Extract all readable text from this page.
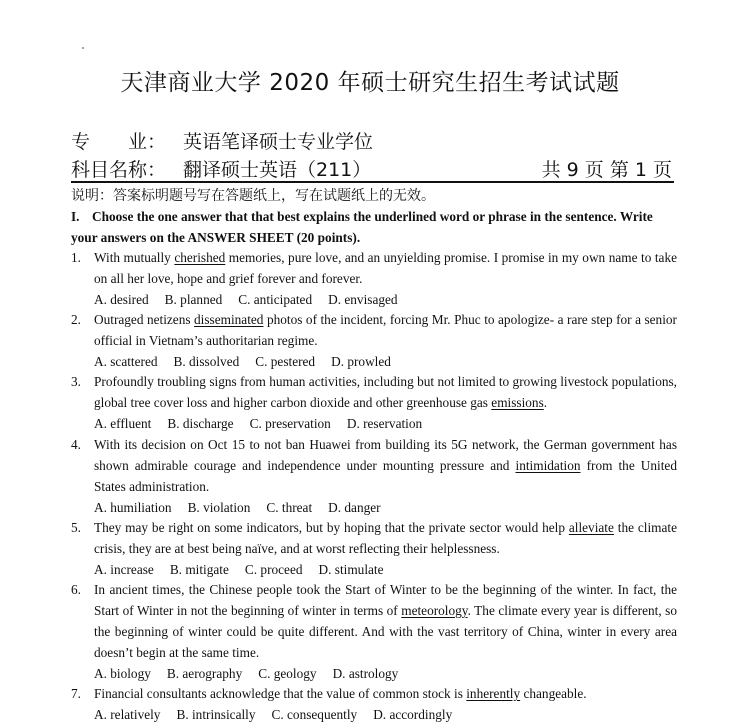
天津商业大学 2020 年硕士研究生招生考试试题
专　　业： 英语笔译硕士专业学位
科目名称： 翻译硕士英语（211）	共 9 页 第 1 页
说明：答案标明题号写在答题纸上，写在试题纸上的无效。
I. Choose the one answer that that best explains the underlined word or phrase in the sentence. Write your answers on the ANSWER SHEET (20 points).
1. With mutually cherished memories, pure love, and an unyielding promise. I promise in my own name to take on all her love, hope and grief forever and forever.
A. desired B. planned C. anticipated D. envisaged
2. Outraged netizens disseminated photos of the incident, forcing Mr. Phuc to apologize- a rare step for a senior official in Vietnam’s authoritarian regime.
A. scattered B. dissolved C. pestered D. prowled
3. Profoundly troubling signs from human activities, including but not limited to growing livestock populations, global tree cover loss and higher carbon dioxide and other greenhouse gas emissions.
A. effluent B. discharge C. preservation D. reservation
4. With its decision on Oct 15 to not ban Huawei from building its 5G network, the German government has shown admirable courage and independence under mounting pressure and intimidation from the United States administration.
A. humiliation B. violation C. threat D. danger
5. They may be right on some indicators, but by hoping that the private sector would help alleviate the climate crisis, they are at best being naïve, and at worst reflecting their helplessness.
A. increase B. mitigate C. proceed D. stimulate
6. In ancient times, the Chinese people took the Start of Winter to be the beginning of the winter. In fact, the Start of Winter in not the beginning of winter in terms of meteorology. The climate every year is different, so the beginning of winter could be quite different. And with the vast territory of China, winter in every area doesn’t begin at the same time.
A. biology B. aerography C. geology D. astrology
7. Financial consultants acknowledge that the value of common stock is inherently changeable.
A. relatively B. intrinsically C. consequently D. accordingly
